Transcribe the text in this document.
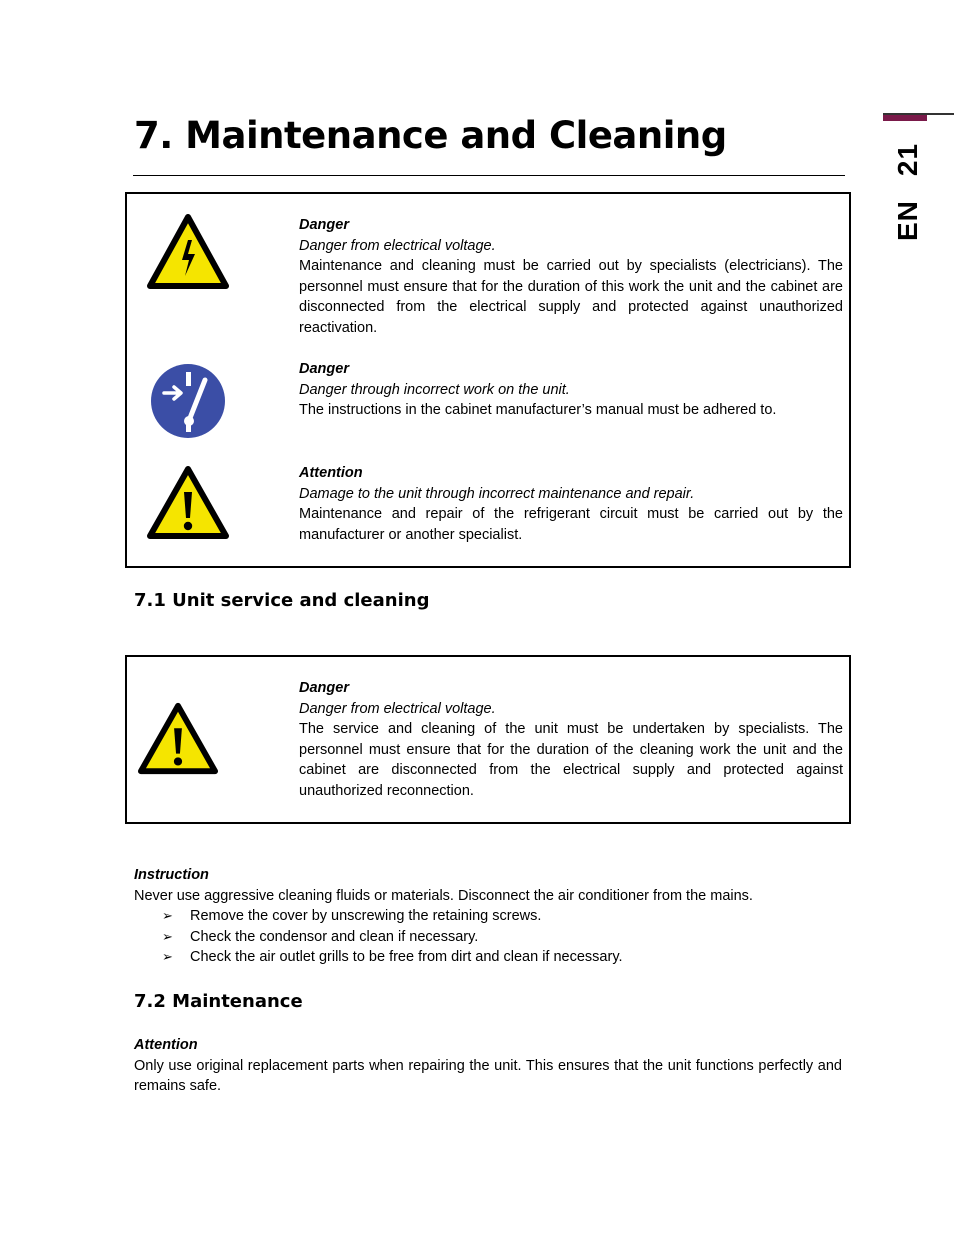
EN21
7. Maintenance and Cleaning
Danger
Danger from electrical voltage.
Maintenance and cleaning must be carried out by specialists (electricians). The personnel must ensure that for the duration of this work the unit and the cabinet are disconnected from the electrical supply and protected against unauthorized reactivation.
Danger
Danger through incorrect work on the unit.
The instructions in the cabinet manufacturer’s manual must be adhered to.
Attention
Damage to the unit through incorrect maintenance and repair.
Maintenance and repair of the refrigerant circuit must be carried out by the manufacturer or another specialist.
7.1 Unit service and cleaning
Danger
Danger from electrical voltage.
The service and cleaning of the unit must be undertaken by specialists. The personnel must ensure that for the duration of the cleaning work the unit and the cabinet are disconnected from the electrical supply and protected against unauthorized reconnection.
Instruction
Never use aggressive cleaning fluids or materials. Disconnect the air conditioner from the mains.
➢ Remove the cover by unscrewing the retaining screws.
➢ Check the condensor and clean if necessary.
➢ Check the air outlet grills to be free from dirt and clean if necessary.
7.2 Maintenance
Attention
Only use original replacement parts when repairing the unit. This ensures that the unit functions perfectly and remains safe.
